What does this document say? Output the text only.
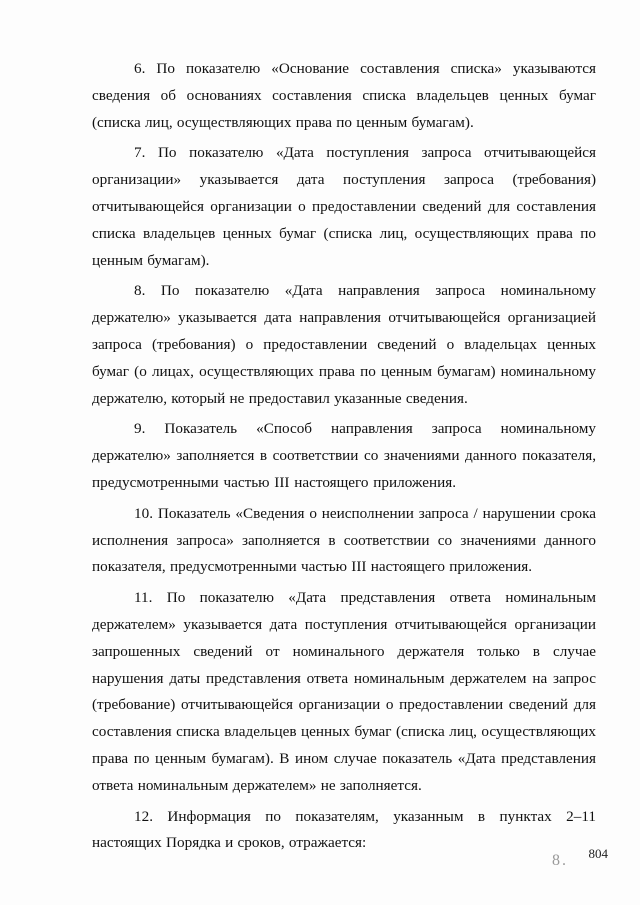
6. По показателю «Основание составления списка» указываются сведения об основаниях составления списка владельцев ценных бумаг (списка лиц, осуществляющих права по ценным бумагам).

7. По показателю «Дата поступления запроса отчитывающейся организации» указывается дата поступления запроса (требования) отчитывающейся организации о предоставлении сведений для составления списка владельцев ценных бумаг (списка лиц, осуществляющих права по ценным бумагам).

8. По показателю «Дата направления запроса номинальному держателю» указывается дата направления отчитывающейся организацией запроса (требования) о предоставлении сведений о владельцах ценных бумаг (о лицах, осуществляющих права по ценным бумагам) номинальному держателю, который не предоставил указанные сведения.

9. Показатель «Способ направления запроса номинальному держателю» заполняется в соответствии со значениями данного показателя, предусмотренными частью III настоящего приложения.

10. Показатель «Сведения о неисполнении запроса / нарушении срока исполнения запроса» заполняется в соответствии со значениями данного показателя, предусмотренными частью III настоящего приложения.

11. По показателю «Дата представления ответа номинальным держателем» указывается дата поступления отчитывающейся организации запрошенных сведений от номинального держателя только в случае нарушения даты представления ответа номинальным держателем на запрос (требование) отчитывающейся организации о предоставлении сведений для составления списка владельцев ценных бумаг (списка лиц, осуществляющих права по ценным бумагам). В ином случае показатель «Дата представления ответа номинальным держателем» не заполняется.

12. Информация по показателям, указанным в пунктах 2–11 настоящих Порядка и сроков, отражается:

8 . 804
